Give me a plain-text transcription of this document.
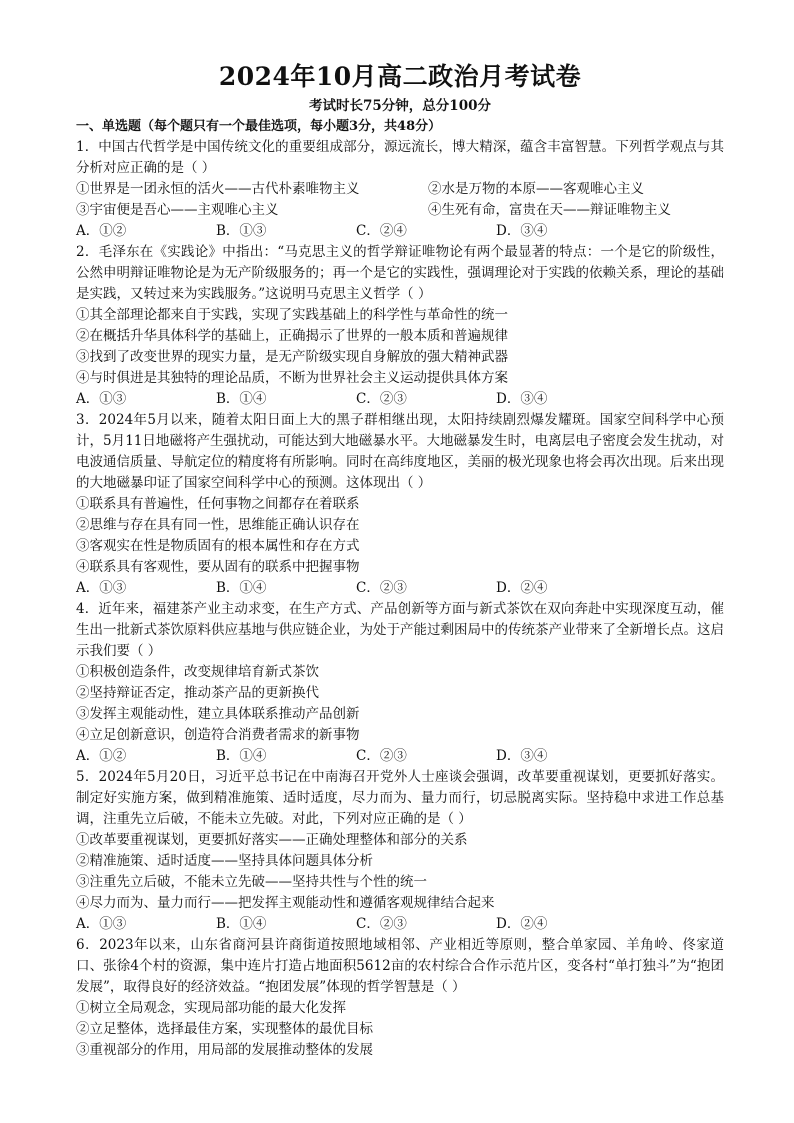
2024年10月高二政治月考试卷
考试时长75分钟，总分100分
一、单选题（每个题只有一个最佳选项，每小题3分，共48分）
1．中国古代哲学是中国传统文化的重要组成部分，源远流长，博大精深，蕴含丰富智慧。下列哲学观点与其分析对应正确的是（ ）
①世界是一团永恒的活火——古代朴素唯物主义	②水是万物的本原——客观唯心主义
③宇宙便是吾心——主观唯心主义	④生死有命，富贵在天——辩证唯物主义
A．①②	B．①③	C．②④	D．③④
2．毛泽东在《实践论》中指出：“马克思主义的哲学辩证唯物论有两个最显著的特点：一个是它的阶级性，公然申明辩证唯物论是为无产阶级服务的；再一个是它的实践性，强调理论对于实践的依赖关系，理论的基础是实践，又转过来为实践服务。”这说明马克思主义哲学（ ）
①其全部理论都来自于实践，实现了实践基础上的科学性与革命性的统一
②在概括升华具体科学的基础上，正确揭示了世界的一般本质和普遍规律
③找到了改变世界的现实力量，是无产阶级实现自身解放的强大精神武器
④与时俱进是其独特的理论品质，不断为世界社会主义运动提供具体方案
A．①③	B．①④	C．②③	D．③④
3．2024年5月以来，随着太阳日面上大的黑子群相继出现，太阳持续剧烈爆发耀斑。国家空间科学中心预计，5月11日地磁将产生强扰动，可能达到大地磁暴水平。大地磁暴发生时，电离层电子密度会发生扰动，对电波通信质量、导航定位的精度将有所影响。同时在高纬度地区，美丽的极光现象也将会再次出现。后来出现的大地磁暴印证了国家空间科学中心的预测。这体现出（ ）
①联系具有普遍性，任何事物之间都存在着联系
②思维与存在具有同一性，思维能正确认识存在
③客观实在性是物质固有的根本属性和存在方式
④联系具有客观性，要从固有的联系中把握事物
A．①③	B．①④	C．②③	D．②④
4．近年来，福建茶产业主动求变，在生产方式、产品创新等方面与新式茶饮在双向奔赴中实现深度互动，催生出一批新式茶饮原料供应基地与供应链企业，为处于产能过剩困局中的传统茶产业带来了全新增长点。这启示我们要（ ）
①积极创造条件，改变规律培育新式茶饮
②坚持辩证否定，推动茶产品的更新换代
③发挥主观能动性，建立具体联系推动产品创新
④立足创新意识，创造符合消费者需求的新事物
A．①②	B．①④	C．②③	D．③④
5．2024年5月20日，习近平总书记在中南海召开党外人士座谈会强调，改革要重视谋划，更要抓好落实。制定好实施方案，做到精准施策、适时适度，尽力而为、量力而行，切忌脱离实际。坚持稳中求进工作总基调，注重先立后破，不能未立先破。对此，下列对应正确的是（ ）
①改革要重视谋划，更要抓好落实——正确处理整体和部分的关系
②精准施策、适时适度——坚持具体问题具体分析
③注重先立后破，不能未立先破——坚持共性与个性的统一
④尽力而为、量力而行——把发挥主观能动性和遵循客观规律结合起来
A．①③	B．①④	C．②③	D．②④
6．2023年以来，山东省商河县许商街道按照地域相邻、产业相近等原则，整合单家园、羊角岭、佟家道口、张徐4个村的资源，集中连片打造占地面积5612亩的农村综合合作示范片区，变各村“单打独斗”为“抱团发展”，取得良好的经济效益。“抱团发展”体现的哲学智慧是（ ）
①树立全局观念，实现局部功能的最大化发挥
②立足整体，选择最佳方案，实现整体的最优目标
③重视部分的作用，用局部的发展推动整体的发展
